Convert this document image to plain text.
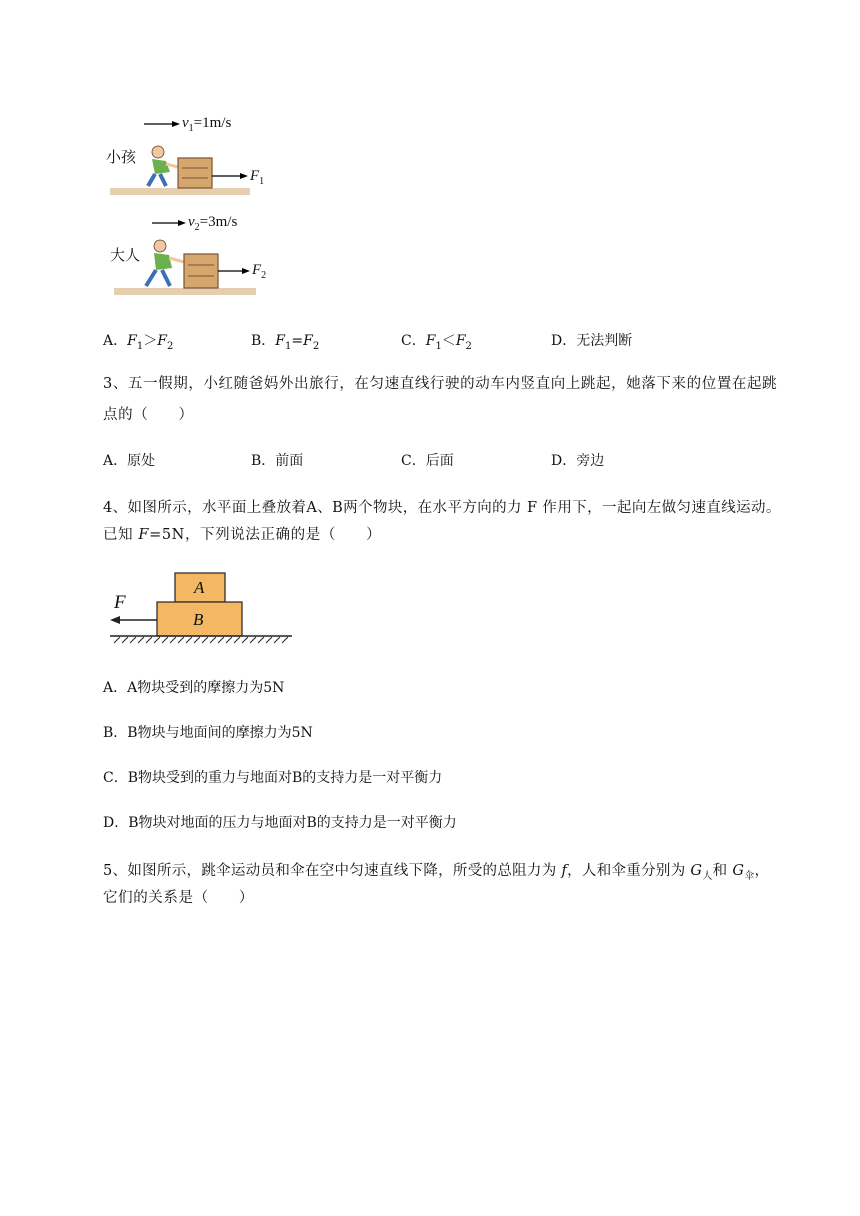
小孩
$v_1=1m/s$
$F_1$
大人
$v_2=3m/s$
$F_2$
A．$F_1>F_2$	B．$F_1=F_2$	C．$F_1<F_2$	D．无法判断
3、五一假期，小红随爸妈外出旅行，在匀速直线行驶的动车内竖直向上跳起，她落下来的位置在起跳
点的（　　）
A．原处	B．前面	C．后面	D．旁边
4、如图所示，水平面上叠放着A、B两个物块，在水平方向的力 F 作用下，一起向左做匀速直线运动。
已知 F=5N，下列说法正确的是（　　）
F
A
B
A．A物块受到的摩擦力为5N
B．B物块与地面间的摩擦力为5N
C．B物块受到的重力与地面对B的支持力是一对平衡力
D．B物块对地面的压力与地面对B的支持力是一对平衡力
5、如图所示，跳伞运动员和伞在空中匀速直线下降，所受的总阻力为 f，人和伞重分别为 $G_人$和 $G_伞$，
它们的关系是（　　）
